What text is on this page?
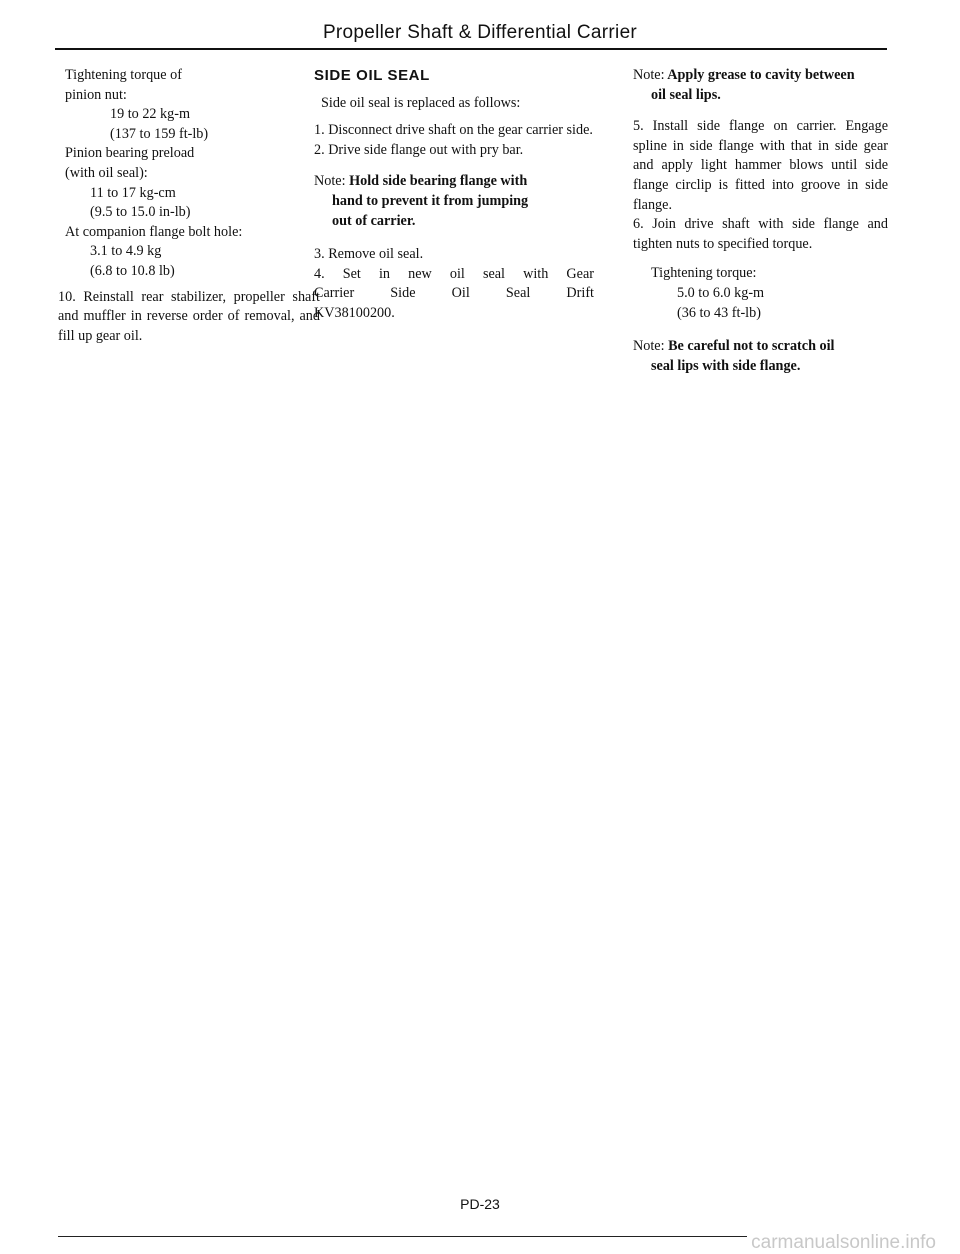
Propeller Shaft & Differential Carrier

Tightening torque of

pinion nut:

19 to 22 kg-m

(137 to 159 ft-lb)

Pinion bearing preload

(with oil seal):

11 to 17 kg-cm

(9.5 to 15.0 in-lb)

At companion flange bolt hole:

3.1 to 4.9 kg

(6.8 to 10.8 lb)

10. Reinstall rear stabilizer, propeller shaft and muffler in reverse order of removal, and fill up gear oil.

SIDE OIL SEAL

Side oil seal is replaced as follows:

1. Disconnect drive shaft on the gear carrier side.

2. Drive side flange out with pry bar.

Note: Hold side bearing flange with

hand to prevent it from jumping

out of carrier.

3. Remove oil seal.

4. Set in new oil seal with Gear

Carrier Side Oil Seal Drift

KV38100200.

Note: Apply grease to cavity between

oil seal lips.

5. Install side flange on carrier. Engage spline in side flange with that in side gear and apply light hammer blows until side flange circlip is fitted into groove in side flange.

6. Join drive shaft with side flange and tighten nuts to specified torque.

Tightening torque:

5.0 to 6.0 kg-m

(36 to 43 ft-lb)

Note: Be careful not to scratch oil

seal lips with side flange.

PD-23
carmanualsonline.info
